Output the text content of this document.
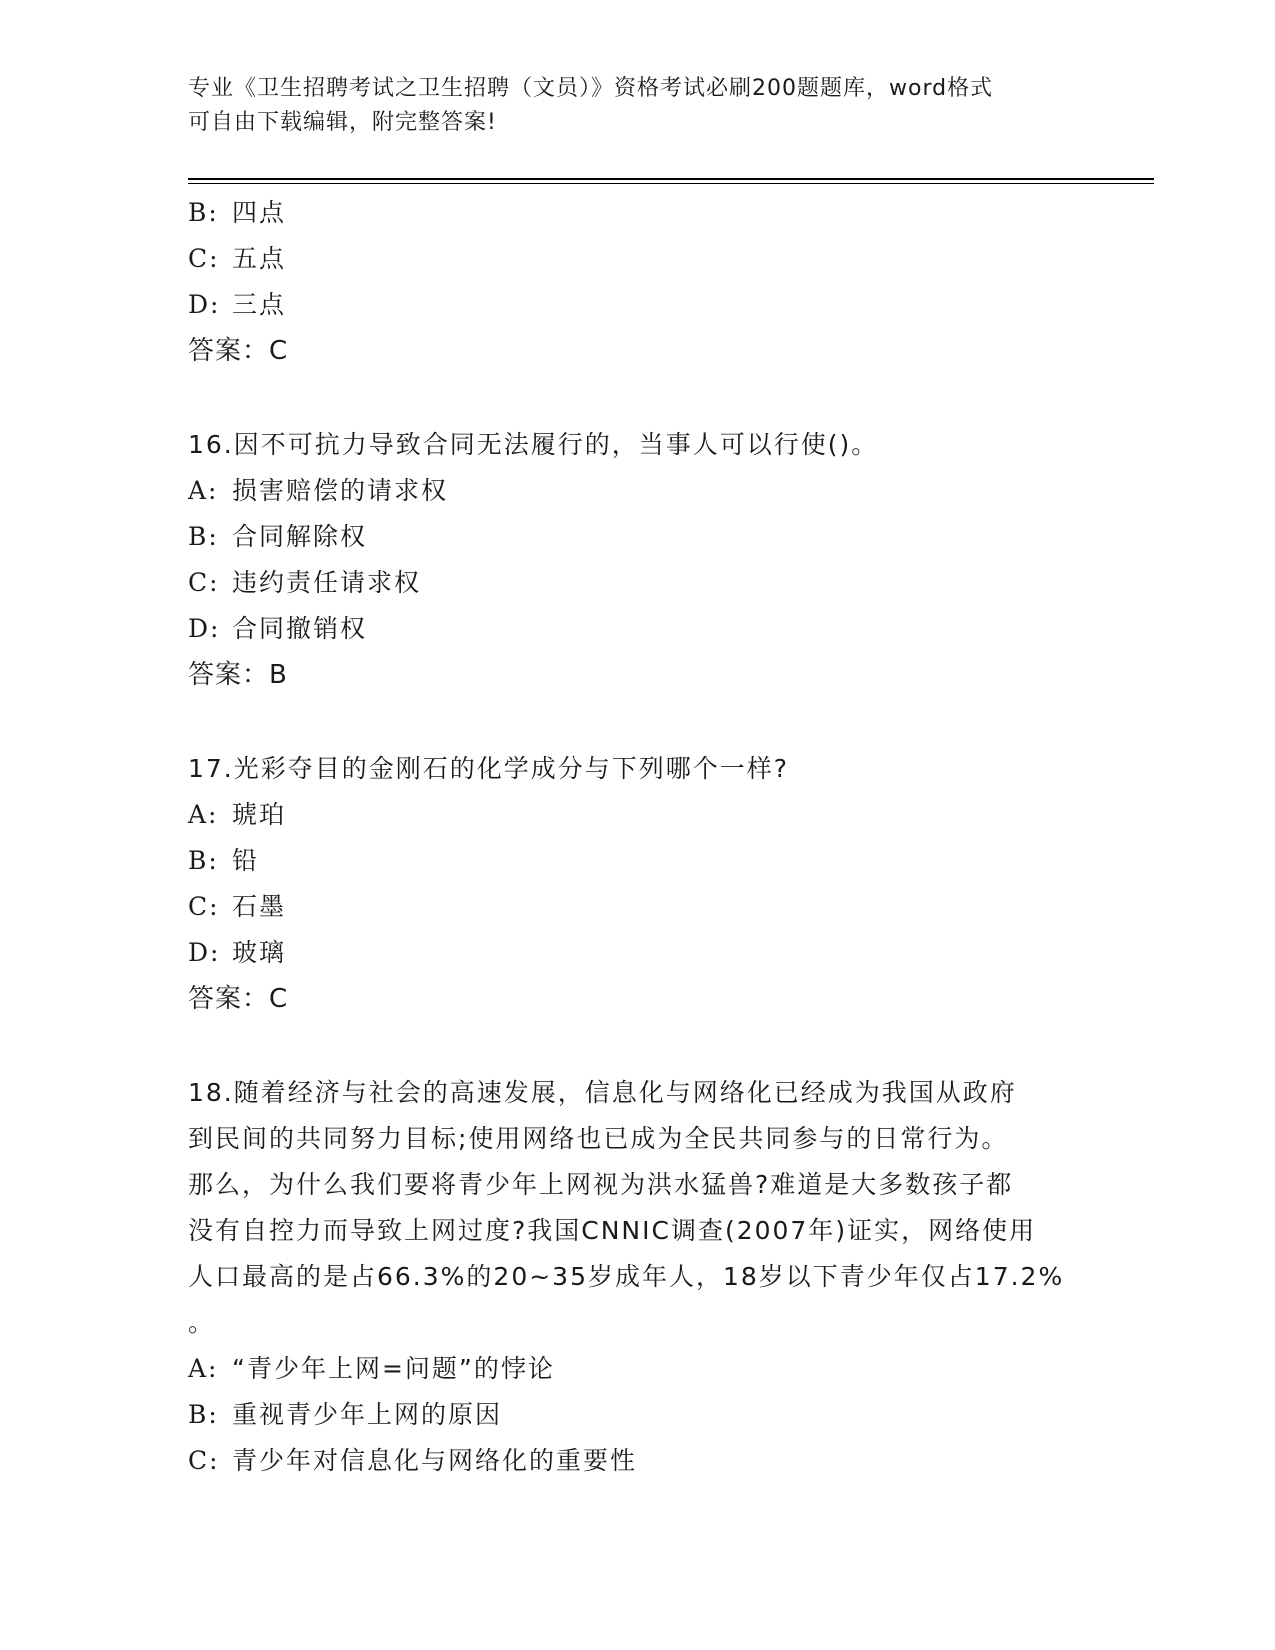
专业《卫生招聘考试之卫生招聘（文员）》资格考试必刷200题题库，word格式
可自由下载编辑，附完整答案!
B: 四点
C: 五点
D: 三点
答案：C
16.因不可抗力导致合同无法履行的，当事人可以行使()。
A: 损害赔偿的请求权
B: 合同解除权
C: 违约责任请求权
D: 合同撤销权
答案：B
17.光彩夺目的金刚石的化学成分与下列哪个一样?
A: 琥珀
B: 铅
C: 石墨
D: 玻璃
答案：C
18.随着经济与社会的高速发展，信息化与网络化已经成为我国从政府
到民间的共同努力目标;使用网络也已成为全民共同参与的日常行为。
那么，为什么我们要将青少年上网视为洪水猛兽?难道是大多数孩子都
没有自控力而导致上网过度?我国CNNIC调查(2007年)证实，网络使用
人口最高的是占66.3%的20~35岁成年人，18岁以下青少年仅占17.2%
。
A: “青少年上网=问题”的悖论
B: 重视青少年上网的原因
C: 青少年对信息化与网络化的重要性
